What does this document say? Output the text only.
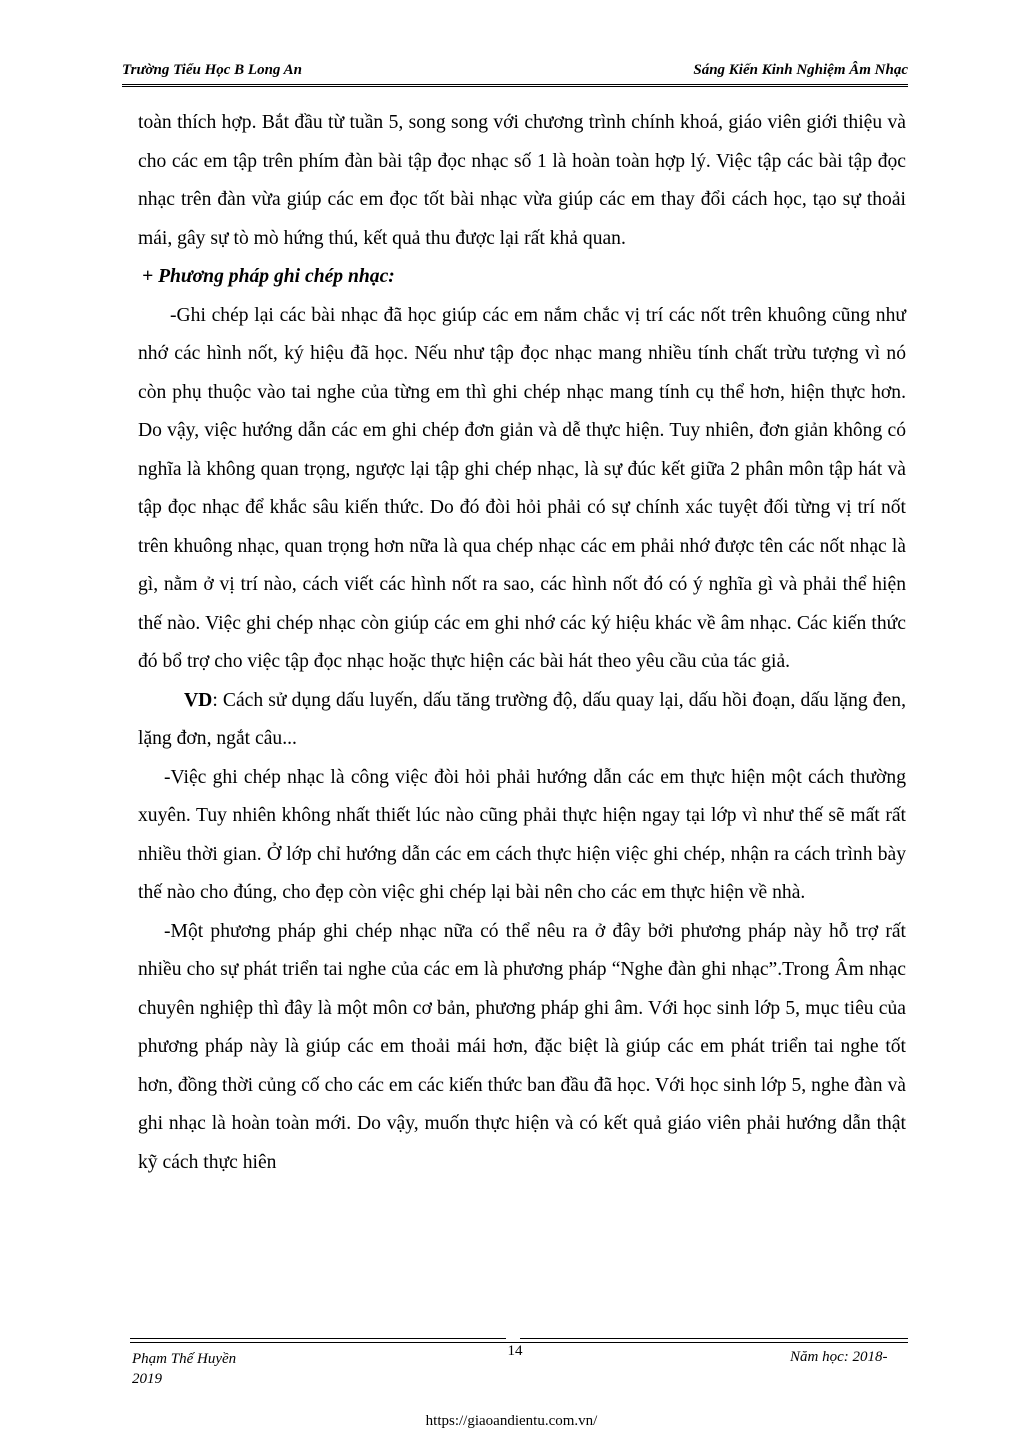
Trường Tiểu Học B Long An	Sáng Kiến Kinh Nghiệm Âm Nhạc

toàn thích hợp. Bắt đầu từ tuần 5, song song với chương trình chính khoá, giáo viên giới thiệu và cho các em tập trên phím đàn bài tập đọc nhạc số 1 là hoàn toàn hợp lý. Việc tập các bài tập đọc nhạc trên đàn vừa giúp các em đọc tốt bài nhạc vừa giúp các em thay đổi cách học, tạo sự thoải mái, gây sự tò mò hứng thú, kết quả thu được lại rất khả quan.

+ Phương pháp ghi chép nhạc:

-Ghi chép lại các bài nhạc đã học giúp các em nắm chắc vị trí các nốt trên khuông cũng như nhớ các hình nốt, ký hiệu đã học. Nếu như tập đọc nhạc mang nhiều tính chất trừu tượng vì nó còn phụ thuộc vào tai nghe của từng em thì ghi chép nhạc mang tính cụ thể hơn, hiện thực hơn. Do vậy, việc hướng dẫn các em ghi chép đơn giản và dễ thực hiện. Tuy nhiên, đơn giản không có nghĩa là không quan trọng, ngược lại tập ghi chép nhạc, là sự đúc kết giữa 2 phân môn tập hát và tập đọc nhạc để khắc sâu kiến thức. Do đó đòi hỏi phải có sự chính xác tuyệt đối từng vị trí nốt trên khuông nhạc, quan trọng hơn nữa là qua chép nhạc các em phải nhớ được tên các nốt nhạc là gì, nằm ở vị trí nào, cách viết các hình nốt ra sao, các hình nốt đó có ý nghĩa gì và phải thể hiện thế nào. Việc ghi chép nhạc còn giúp các em ghi nhớ các ký hiệu khác về âm nhạc. Các kiến thức đó bổ trợ cho việc tập đọc nhạc hoặc thực hiện các bài hát theo yêu cầu của tác giả.

VD: Cách sử dụng dấu luyến, dấu tăng trường độ, dấu quay lại, dấu hồi đoạn, dấu lặng đen, lặng đơn, ngắt câu...

-Việc ghi chép nhạc là công việc đòi hỏi phải hướng dẫn các em thực hiện một cách thường xuyên. Tuy nhiên không nhất thiết lúc nào cũng phải thực hiện ngay tại lớp vì như thế sẽ mất rất nhiều thời gian. Ở lớp chỉ hướng dẫn các em cách thực hiện việc ghi chép, nhận ra cách trình bày thế nào cho đúng, cho đẹp còn việc ghi chép lại bài nên cho các em thực hiện về nhà.

-Một phương pháp ghi chép nhạc nữa có thể nêu ra ở đây bởi phương pháp này hỗ trợ rất nhiều cho sự phát triển tai nghe của các em là phương pháp “Nghe đàn ghi nhạc”.Trong Âm nhạc chuyên nghiệp thì đây là một môn cơ bản, phương pháp ghi âm. Với học sinh lớp 5, mục tiêu của phương pháp này là giúp các em thoải mái hơn, đặc biệt là giúp các em phát triển tai nghe tốt hơn, đồng thời củng cố cho các em các kiến thức ban đầu đã học. Với học sinh lớp 5, nghe đàn và ghi nhạc là hoàn toàn mới. Do vậy, muốn thực hiện và có kết quả giáo viên phải hướng dẫn thật kỹ cách thực hiên

14
Phạm Thế Huyền
2019
Năm học: 2018-
https://giaoandientu.com.vn/
